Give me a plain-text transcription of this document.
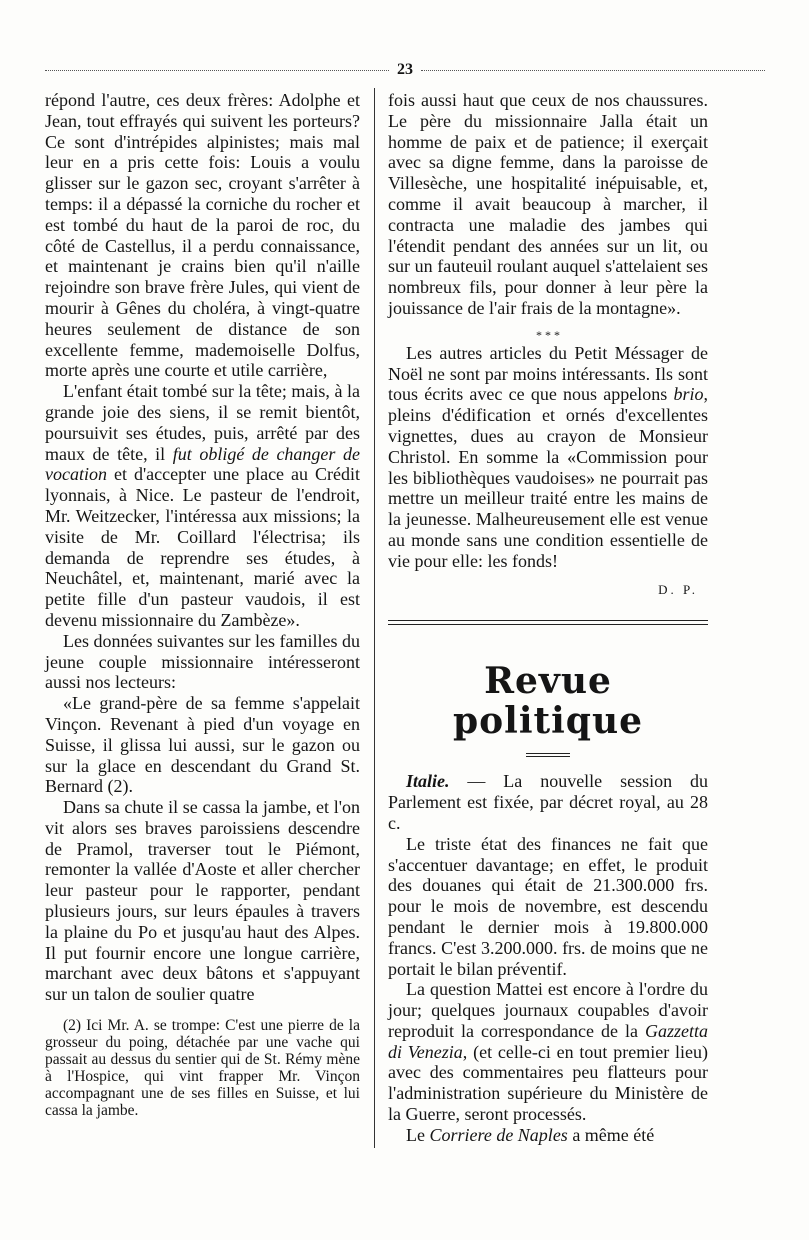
23

répond l'autre, ces deux frères: Adolphe et Jean, tout effrayés qui suivent les porteurs? Ce sont d'intrépides alpinistes; mais mal leur en a pris cette fois: Louis a voulu glisser sur le gazon sec, croyant s'arrêter à temps: il a dépassé la corniche du rocher et est tombé du haut de la paroi de roc, du côté de Castellus, il a perdu connaissance, et maintenant je crains bien qu'il n'aille rejoindre son brave frère Jules, qui vient de mourir à Gênes du choléra, à vingt-quatre heures seulement de distance de son excellente femme, mademoiselle Dolfus, morte après une courte et utile carrière,

L'enfant était tombé sur la tête; mais, à la grande joie des siens, il se remit bientôt, poursuivit ses études, puis, arrêté par des maux de tête, il fut obligé de changer de vocation et d'accepter une place au Crédit lyonnais, à Nice. Le pasteur de l'endroit, Mr. Weitzecker, l'intéressa aux missions; la visite de Mr. Coillard l'électrisa; ils demanda de reprendre ses études, à Neuchâtel, et, maintenant, marié avec la petite fille d'un pasteur vaudois, il est devenu missionnaire du Zambèze».

Les données suivantes sur les familles du jeune couple missionnaire intéresseront aussi nos lecteurs:

«Le grand-père de sa femme s'appelait Vinçon. Revenant à pied d'un voyage en Suisse, il glissa lui aussi, sur le gazon ou sur la glace en descendant du Grand St. Bernard (2).

Dans sa chute il se cassa la jambe, et l'on vit alors ses braves paroissiens descendre de Pramol, traverser tout le Piémont, remonter la vallée d'Aoste et aller chercher leur pasteur pour le rapporter, pendant plusieurs jours, sur leurs épaules à travers la plaine du Po et jusqu'au haut des Alpes. Il put fournir encore une longue carrière, marchant avec deux bâtons et s'appuyant sur un talon de soulier quatre

(2) Ici Mr. A. se trompe: C'est une pierre de la grosseur du poing, détachée par une vache qui passait au dessus du sentier qui de St. Rémy mène à l'Hospice, qui vint frapper Mr. Vinçon accompagnant une de ses filles en Suisse, et lui cassa la jambe.

fois aussi haut que ceux de nos chaussures. Le père du missionnaire Jalla était un homme de paix et de patience; il exerçait avec sa digne femme, dans la paroisse de Villesèche, une hospitalité inépuisable, et, comme il avait beaucoup à marcher, il contracta une maladie des jambes qui l'étendit pendant des années sur un lit, ou sur un fauteuil roulant auquel s'attelaient ses nombreux fils, pour donner à leur père la jouissance de l'air frais de la montagne».

* * *

Les autres articles du Petit Méssager de Noël ne sont par moins intéressants. Ils sont tous écrits avec ce que nous appelons brio, pleins d'édification et ornés d'excellentes vignettes, dues au crayon de Monsieur Christol. En somme la «Commission pour les bibliothèques vaudoises» ne pourrait pas mettre un meilleur traité entre les mains de la jeunesse. Malheureusement elle est venue au monde sans une condition essentielle de vie pour elle: les fonds!

D. P.

Revue politique

Italie. — La nouvelle session du Parlement est fixée, par décret royal, au 28 c.

Le triste état des finances ne fait que s'accentuer davantage; en effet, le produit des douanes qui était de 21.300.000 frs. pour le mois de novembre, est descendu pendant le dernier mois à 19.800.000 francs. C'est 3.200.000. frs. de moins que ne portait le bilan préventif.

La question Mattei est encore à l'ordre du jour; quelques journaux coupables d'avoir reproduit la correspondance de la Gazzetta di Venezia, (et celle-ci en tout premier lieu) avec des commentaires peu flatteurs pour l'administration supérieure du Ministère de la Guerre, seront processés.

Le Corriere de Naples a même été
